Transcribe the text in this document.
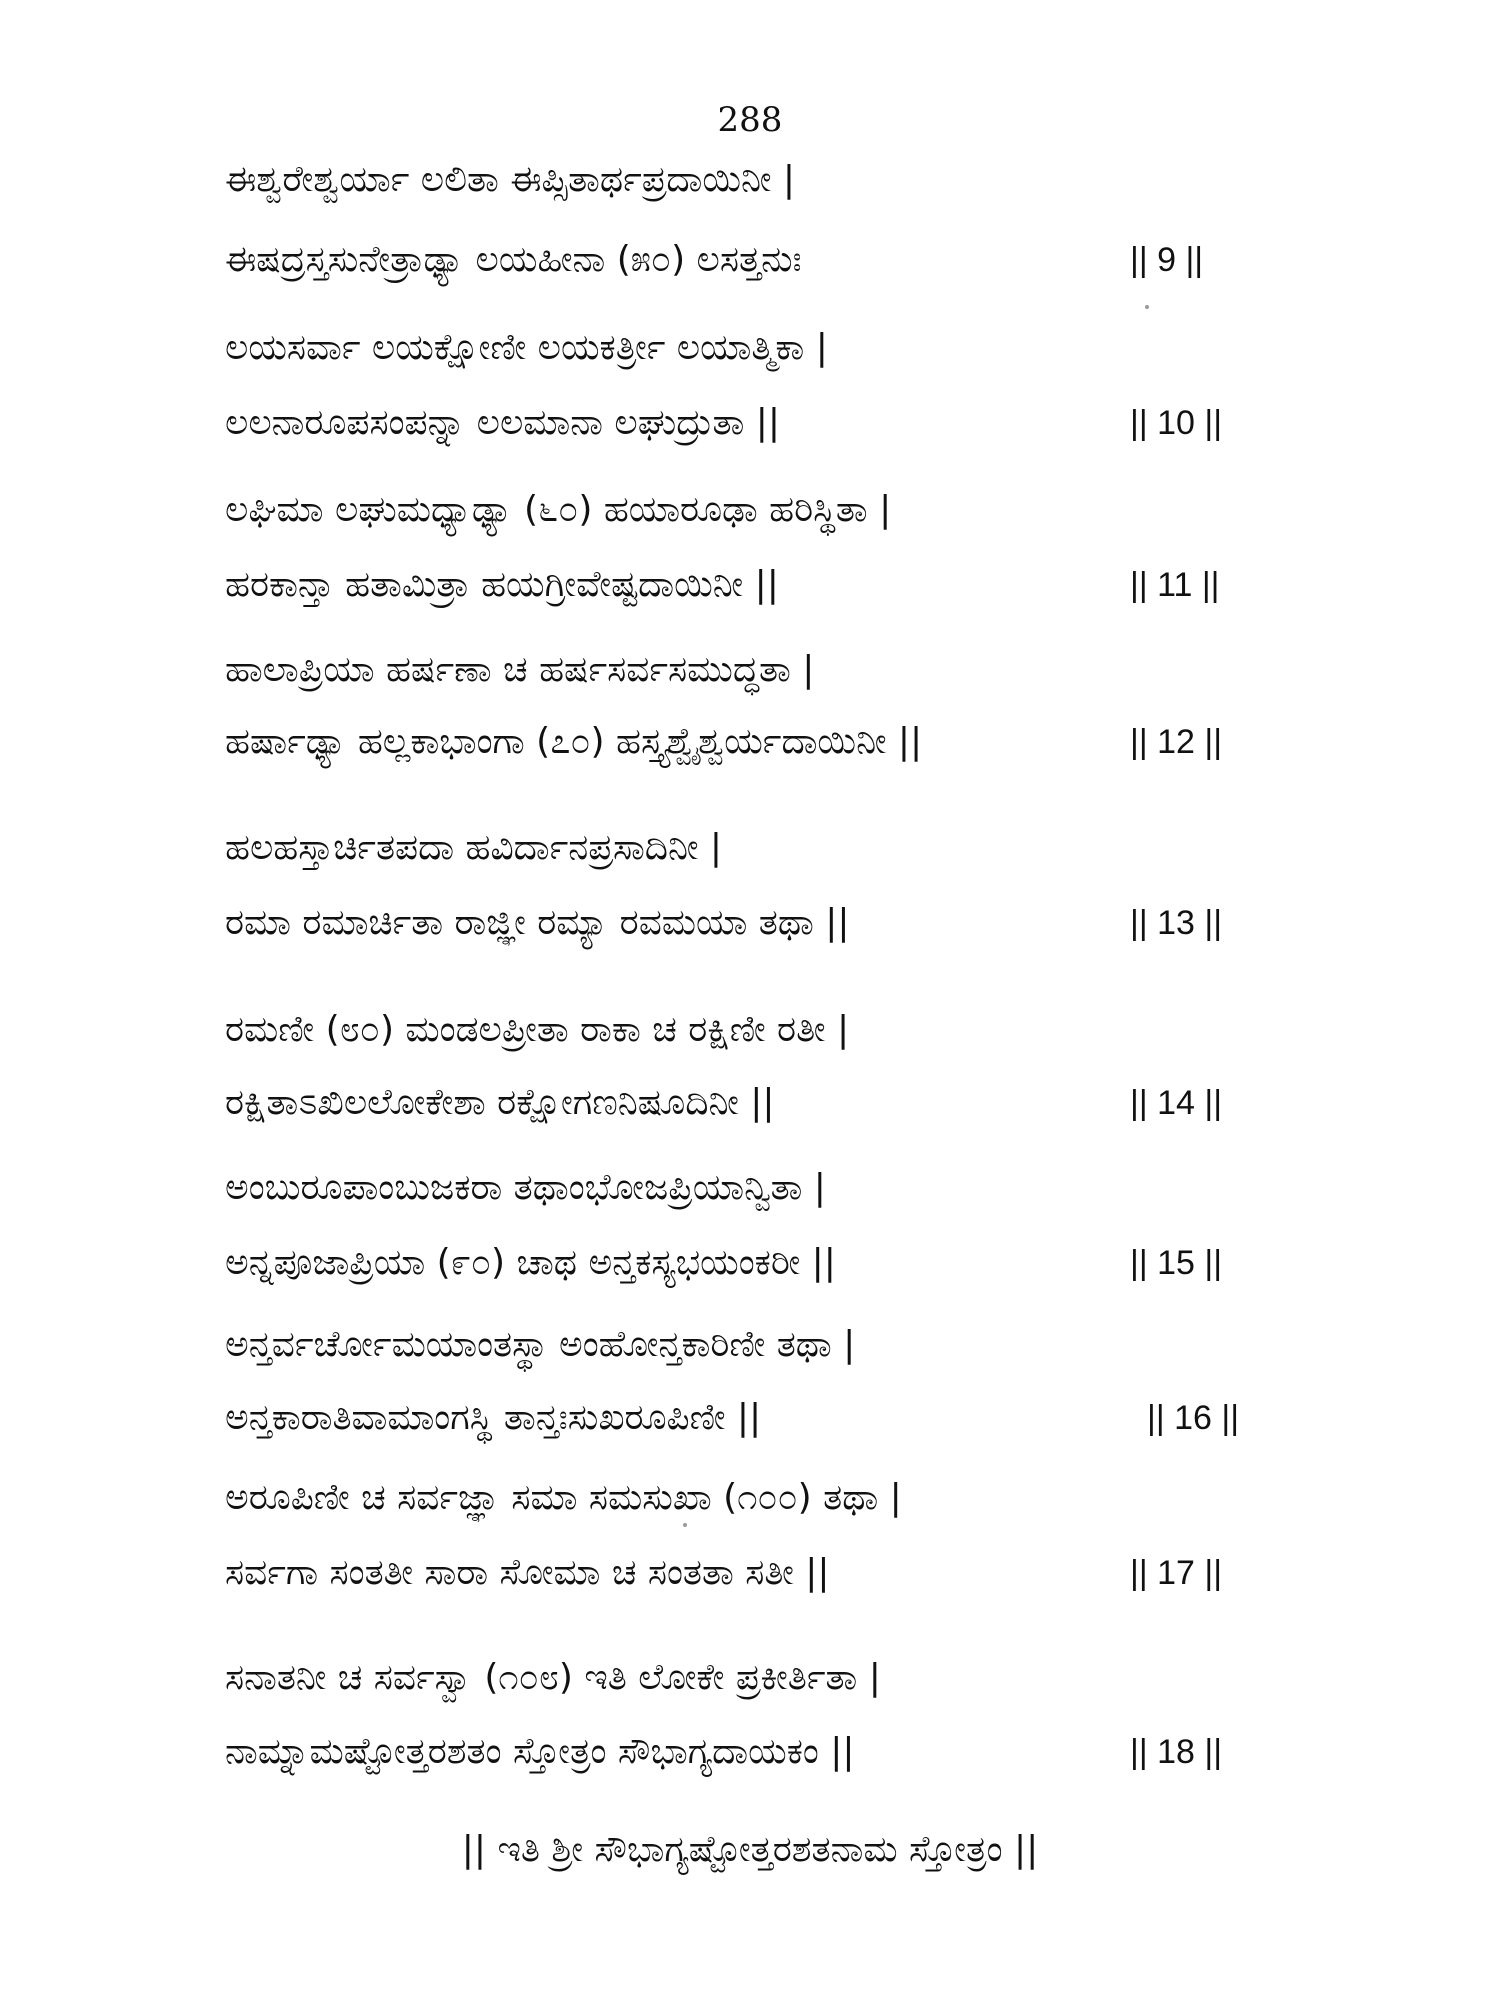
288
ಈಶ್ವರೇಶ್ವರ್ಯಾ ಲಲಿತಾ ಈಪ್ಸಿತಾರ್ಥಪ್ರದಾಯಿನೀ |
ಈಷದ್ರಸ್ತಸುನೇತ್ರಾಢ್ಯಾ ಲಯಹೀನಾ (೫೦) ಲಸತ್ತನುಃ	|| 9 ||
ಲಯಸರ್ವಾ ಲಯಕ್ಷೋಣೀ ಲಯಕರ್ತ್ರೀ ಲಯಾತ್ಮಿಕಾ |
ಲಲನಾರೂಪಸಂಪನ್ನಾ ಲಲಮಾನಾ ಲಘುದ್ರುತಾ ||	|| 10 ||
ಲಘಿಮಾ ಲಘುಮಧ್ಯಾಢ್ಯಾ (೬೦) ಹಯಾರೂಢಾ ಹರಿಸ್ಥಿತಾ |
ಹರಕಾನ್ತಾ ಹತಾಮಿತ್ರಾ ಹಯಗ್ರೀವೇಷ್ಟದಾಯಿನೀ ||	|| 11 ||
ಹಾಲಾಪ್ರಿಯಾ ಹರ್ಷಣಾ ಚ ಹರ್ಷಸರ್ವಸಮುದ್ಧತಾ |
ಹರ್ಷಾಢ್ಯಾ ಹಲ್ಲಕಾಭಾಂಗಾ (೭೦) ಹಸ್ತ್ಯಶ್ವೈಶ್ವರ್ಯದಾಯಿನೀ ||	|| 12 ||
ಹಲಹಸ್ತಾರ್ಚಿತಪದಾ ಹವಿರ್ದಾನಪ್ರಸಾದಿನೀ |
ರಮಾ ರಮಾರ್ಚಿತಾ ರಾಜ್ಞೀ ರಮ್ಯಾ ರವಮಯಾ ತಥಾ ||	|| 13 ||
ರಮಣೀ (೮೦) ಮಂಡಲಪ್ರೀತಾ ರಾಕಾ ಚ ರಕ್ಷಿಣೀ ರತೀ |
ರಕ್ಷಿತಾಽಖಿಲಲೋಕೇಶಾ ರಕ್ಷೋಗಣನಿಷೂದಿನೀ ||	|| 14 ||
ಅಂಬುರೂಪಾಂಬುಜಕರಾ ತಥಾಂಭೋಜಪ್ರಿಯಾನ್ವಿತಾ |
ಅನ್ನಪೂಜಾಪ್ರಿಯಾ (೯೦) ಚಾಥ ಅನ್ತಕಸ್ಯಭಯಂಕರೀ ||	|| 15 ||
ಅನ್ತರ್ವರ್ಚೋಮಯಾಂತಸ್ಥಾ ಅಂಹೋನ್ತಕಾರಿಣೀ ತಥಾ |
ಅನ್ತಕಾರಾತಿವಾಮಾಂಗಸ್ಥಿ ತಾನ್ತಃಸುಖರೂಪಿಣೀ ||	|| 16 ||
ಅರೂಪಿಣೀ ಚ ಸರ್ವಜ್ಞಾ ಸಮಾ ಸಮಸುಖಾ (೧೦೦) ತಥಾ |
ಸರ್ವಗಾ ಸಂತತೀ ಸಾರಾ ಸೋಮಾ ಚ ಸಂತತಾ ಸತೀ ||	|| 17 ||
ಸನಾತನೀ ಚ ಸರ್ವಸ್ವಾ (೧೦೮) ಇತಿ ಲೋಕೇ ಪ್ರಕೀರ್ತಿತಾ |
ನಾಮ್ನಾಮಷ್ಟೋತ್ತರಶತಂ ಸ್ತೋತ್ರಂ ಸೌಭಾಗ್ಯದಾಯಕಂ ||	|| 18 ||
|| ಇತಿ ಶ್ರೀ ಸೌಭಾಗ್ಯಷ್ಟೋತ್ತರಶತನಾಮ ಸ್ತೋತ್ರಂ ||
